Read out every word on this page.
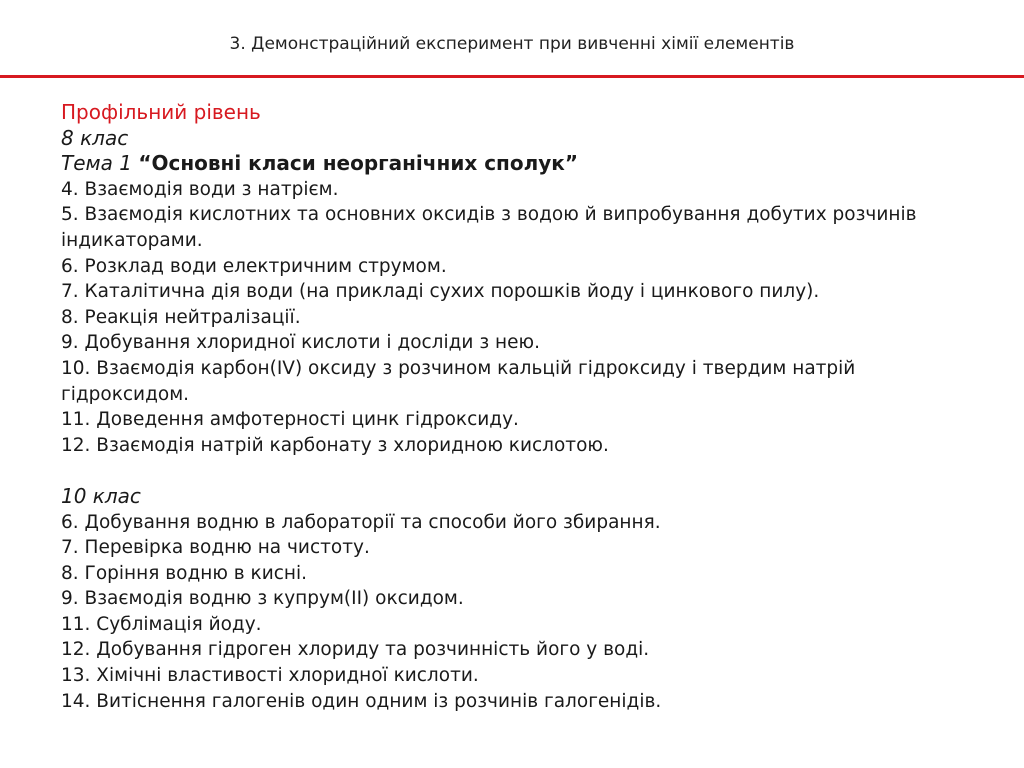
3. Демонстраційний експеримент при вивченні хімії елементів
Профільний рівень
8 клас
Тема 1 “Основні класи неорганічних сполук”
4. Взаємодія води з натрієм.
5. Взаємодія кислотних та основних оксидів з водою й випробування добутих розчинів індикаторами.
6. Розклад води електричним струмом.
7. Каталітична дія води (на прикладі сухих порошків йоду і цинкового пилу).
8. Реакція нейтралізації.
9. Добування хлоридної кислоти і досліди з нею.
10. Взаємодія карбон(IV) оксиду з розчином кальцій гідроксиду і твердим натрій гідроксидом.
11. Доведення амфотерності цинк гідроксиду.
12. Взаємодія натрій карбонату з хлоридною кислотою.
10 клас
6. Добування водню в лабораторії та способи його збирання.
7. Перевірка водню на чистоту.
8. Горіння водню в кисні.
9. Взаємодія водню з купрум(II) оксидом.
11. Сублімація йоду.
12. Добування гідроген хлориду та розчинність його у воді.
13. Хімічні властивості хлоридної кислоти.
14. Витіснення галогенів один одним із розчинів галогенідів.
